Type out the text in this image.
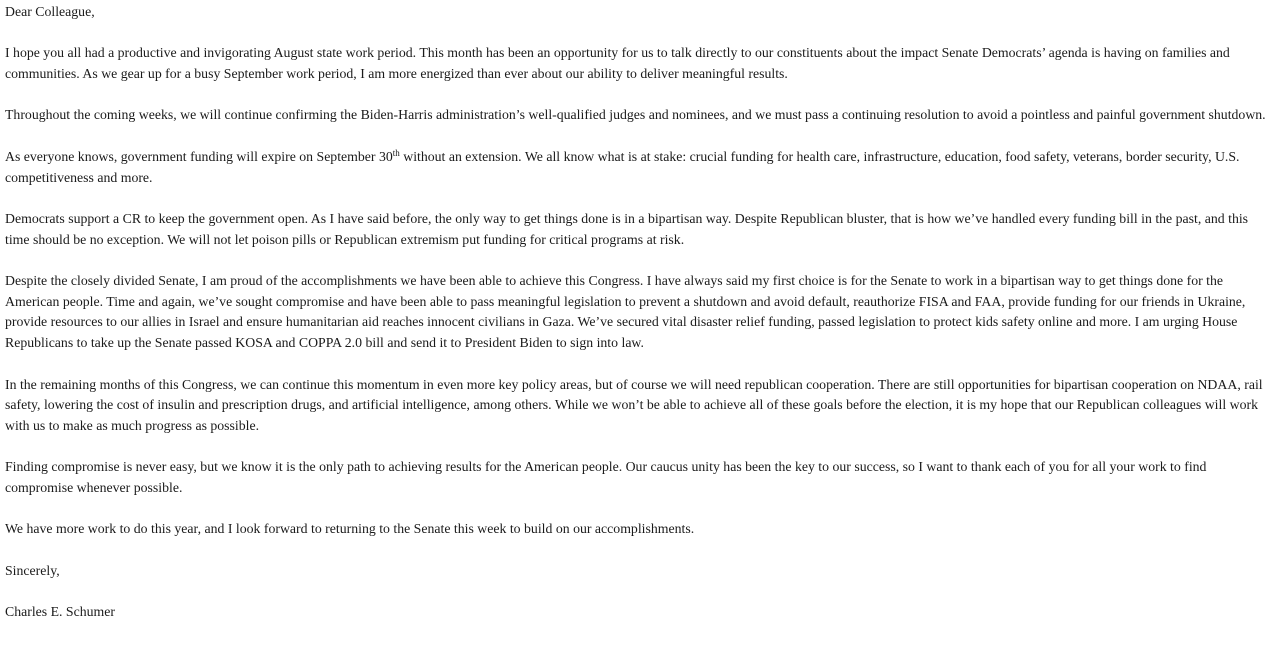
Dear Colleague,

I hope you all had a productive and invigorating August state work period. This month has been an opportunity for us to talk directly to our constituents about the impact Senate Democrats’ agenda is having on families and communities. As we gear up for a busy September work period, I am more energized than ever about our ability to deliver meaningful results.

Throughout the coming weeks, we will continue confirming the Biden-Harris administration’s well-qualified judges and nominees, and we must pass a continuing resolution to avoid a pointless and painful government shutdown.

As everyone knows, government funding will expire on September 30th without an extension. We all know what is at stake: crucial funding for health care, infrastructure, education, food safety, veterans, border security, U.S. competitiveness and more.

Democrats support a CR to keep the government open. As I have said before, the only way to get things done is in a bipartisan way. Despite Republican bluster, that is how we’ve handled every funding bill in the past, and this time should be no exception. We will not let poison pills or Republican extremism put funding for critical programs at risk.

Despite the closely divided Senate, I am proud of the accomplishments we have been able to achieve this Congress. I have always said my first choice is for the Senate to work in a bipartisan way to get things done for the American people. Time and again, we’ve sought compromise and have been able to pass meaningful legislation to prevent a shutdown and avoid default, reauthorize FISA and FAA, provide funding for our friends in Ukraine, provide resources to our allies in Israel and ensure humanitarian aid reaches innocent civilians in Gaza. We’ve secured vital disaster relief funding, passed legislation to protect kids safety online and more. I am urging House Republicans to take up the Senate passed KOSA and COPPA 2.0 bill and send it to President Biden to sign into law.

In the remaining months of this Congress, we can continue this momentum in even more key policy areas, but of course we will need republican cooperation. There are still opportunities for bipartisan cooperation on NDAA, rail safety, lowering the cost of insulin and prescription drugs, and artificial intelligence, among others. While we won’t be able to achieve all of these goals before the election, it is my hope that our Republican colleagues will work with us to make as much progress as possible.

Finding compromise is never easy, but we know it is the only path to achieving results for the American people. Our caucus unity has been the key to our success, so I want to thank each of you for all your work to find compromise whenever possible.

We have more work to do this year, and I look forward to returning to the Senate this week to build on our accomplishments.

Sincerely,

Charles E. Schumer
